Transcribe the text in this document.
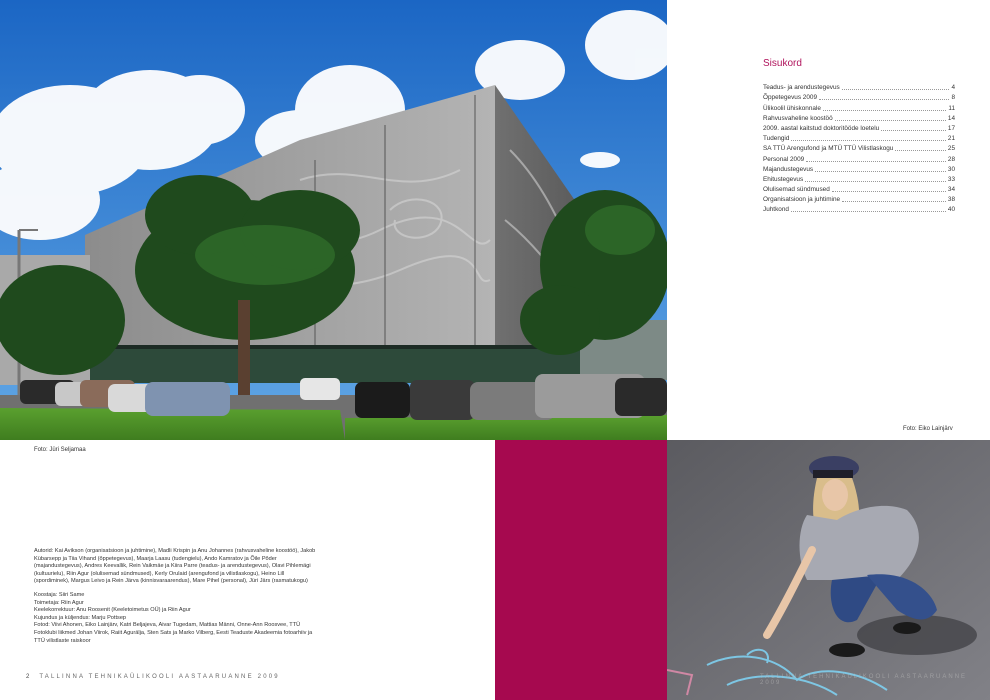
Foto: Jüri Seljamaa

Autorid: Kai Avikson (organisatsioon ja juhtimine), Madli Krispin ja Anu Johannes (rahvusvaheline koostöö), Jakob Kübarsepp ja Tiia Vihand (õppetegevus), Maarja Laasu (tudengielu), Ando Kamratov ja Õile Põder (majandustegevus), Andres Keevallik, Rein Vaikmäe ja Kiira Parre (teadus- ja arendustegevus), Olavi Pihlemägi (kultuurielu), Riin Agur (olulisemad sündmused), Kerly Orulaid (arengufond ja vilistlaskogu), Heino Lill (spordiminek), Margus Leivo ja Rein Järva (kinnisvaraarendus), Mare Pihel (personal), Jüri Järs (rasmatukogu)

Koostaja: Siiri Same
Toimetaja: Riin Agur
Keelekorrektuur: Anu Roosenit (Keeletoimetus OÜ) ja Riin Agur
Kujundus ja küljendus: Marju Pottsep
Fotod: Viivi Ahonen, Eiko Lainjärv, Katri Beljajeva, Aivar Tugedam, Mattias Männi, Onne-Ann Roosvee, TTÜ Fotoklubi liikmed Johan Viirok, Raiit Agurälja, Sten Sats ja Marko Vilberg, Eesti Teaduste Akadeemia fotoarhiiv ja TTÜ vilistlaste raiskoor

2 TALLINNA TEHNIKAÜLIKOOLI AASTAARUANNE 2009
Sisukord
Teadus- ja arendustegevus	4
Õppetegevus 2009	8
Ülikoolil ühiskonnale	11
Rahvusvaheline koostöö	14
2009. aastal kaitstud doktoritööde loetelu	17
Tudengid	21
SA TTÜ Arengufond ja MTÜ TTÜ Vilistlaskogu	25
Personal 2009	28
Majandustegevus	30
Ehitustegevus	33
Olulisemad sündmused	34
Organisatsioon ja juhtimine	38
Juhtkond	40
Foto: Eiko Lainjärv
TALLINNA TEHNIKAÜLIKOOLI AASTAARUANNE 2009
